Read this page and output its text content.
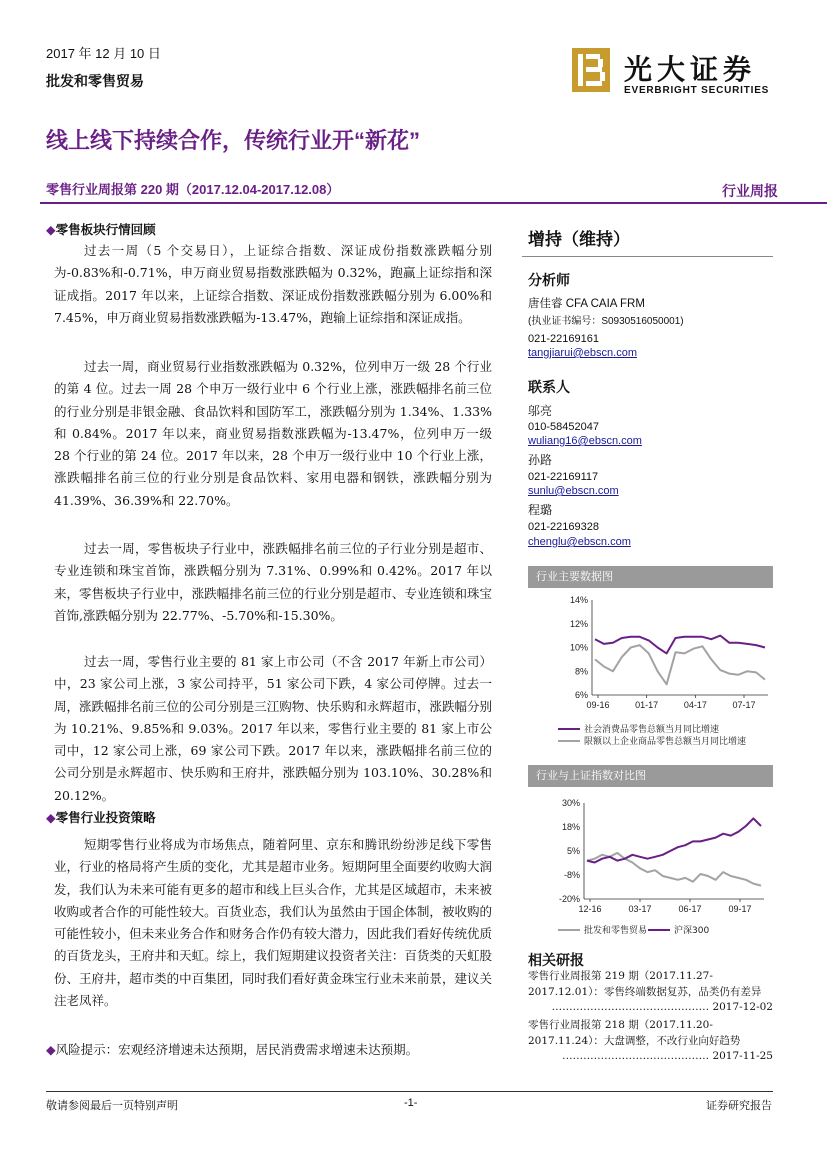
2017 年 12 月 10 日
批发和零售贸易	光大证券
EVERBRIGHT SECURITIES
线上线下持续合作，传统行业开“新花”
零售行业周报第 220 期（2017.12.04-2017.12.08）	行业周报
◆零售板块行情回顾

过去一周（5 个交易日），上证综合指数、深证成份指数涨跌幅分别为-0.83%和-0.71%，申万商业贸易指数涨跌幅为 0.32%，跑赢上证综指和深证成指。2017 年以来，上证综合指数、深证成份指数涨跌幅分别为 6.00%和 7.45%，申万商业贸易指数涨跌幅为-13.47%，跑输上证综指和深证成指。

过去一周，商业贸易行业指数涨跌幅为 0.32%，位列申万一级 28 个行业的第 4 位。过去一周 28 个申万一级行业中 6 个行业上涨，涨跌幅排名前三位的行业分别是非银金融、食品饮料和国防军工，涨跌幅分别为 1.34%、1.33%和 0.84%。2017 年以来，商业贸易指数涨跌幅为-13.47%，位列申万一级 28 个行业的第 24 位。2017 年以来，28 个申万一级行业中 10 个行业上涨，涨跌幅排名前三位的行业分别是食品饮料、家用电器和钢铁，涨跌幅分别为 41.39%、36.39%和 22.70%。

过去一周，零售板块子行业中，涨跌幅排名前三位的子行业分别是超市、专业连锁和珠宝首饰，涨跌幅分别为 7.31%、0.99%和 0.42%。2017 年以来，零售板块子行业中，涨跌幅排名前三位的行业分别是超市、专业连锁和珠宝首饰,涨跌幅分别为 22.77%、-5.70%和-15.30%。

过去一周，零售行业主要的 81 家上市公司（不含 2017 年新上市公司）中，23 家公司上涨，3 家公司持平，51 家公司下跌，4 家公司停牌。过去一周，涨跌幅排名前三位的公司分别是三江购物、快乐购和永辉超市，涨跌幅分别为 10.21%、9.85%和 9.03%。2017 年以来，零售行业主要的 81 家上市公司中，12 家公司上涨，69 家公司下跌。2017 年以来，涨跌幅排名前三位的公司分别是永辉超市、快乐购和王府井，涨跌幅分别为 103.10%、30.28%和 20.12%。

◆零售行业投资策略

短期零售行业将成为市场焦点，随着阿里、京东和腾讯纷纷涉足线下零售业，行业的格局将产生质的变化，尤其是超市业务。短期阿里全面要约收购大润发，我们认为未来可能有更多的超市和线上巨头合作，尤其是区域超市，未来被收购或者合作的可能性较大。百货业态，我们认为虽然由于国企体制，被收购的可能性较小，但未来业务合作和财务合作仍有较大潜力，因此我们看好传统优质的百货龙头，王府井和天虹。综上，我们短期建议投资者关注：百货类的天虹股份、王府井，超市类的中百集团，同时我们看好黄金珠宝行业未来前景，建议关注老凤祥。

◆风险提示：宏观经济增速未达预期，居民消费需求增速未达预期。
增持（维持）
分析师
唐佳睿 CFA CAIA FRM
(执业证书编号：S0930516050001)
021-22169161
tangjiarui@ebscn.com
联系人
邬亮
010-58452047
wuliang16@ebscn.com
孙路
021-22169117
sunlu@ebscn.com
程璐
021-22169328
chenglu@ebscn.com
行业主要数据图
14%
12%
10%
8%
6%
09-16	01-17	04-17	07-17
社会消费品零售总额当月同比增速
限额以上企业商品零售总额当月同比增速
行业与上证指数对比图
30%
18%
5%
-8%
-20%
12-16	03-17	06-17	09-17
批发和零售贸易	沪深300
相关研报
零售行业周报第 219 期（2017.11.27-2017.12.01）：零售终端数据复苏，品类仍有差异
……………………………………… 2017-12-02
零售行业周报第 218 期（2017.11.20-2017.11.24）：大盘调整，不改行业向好趋势
…………………………………… 2017-11-25
敬请参阅最后一页特别声明	-1-	证券研究报告
